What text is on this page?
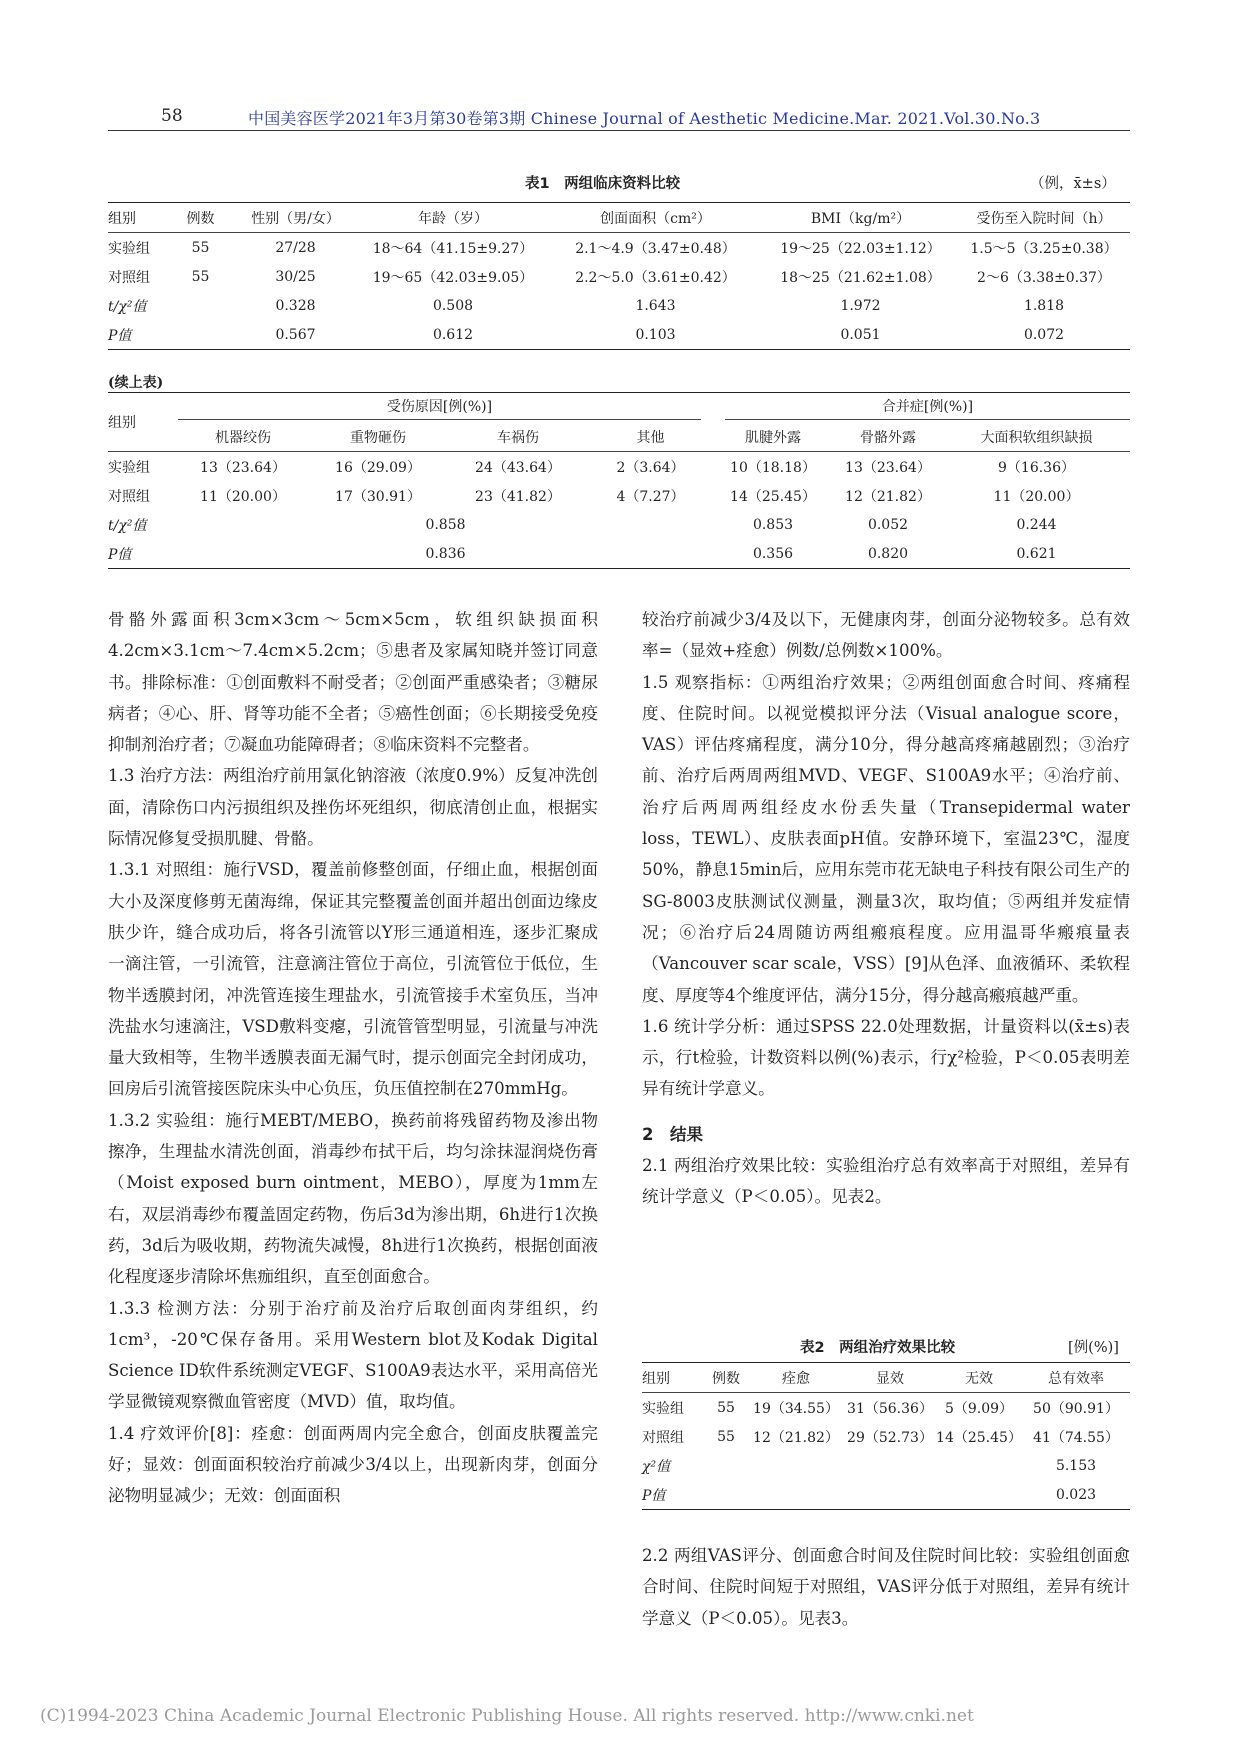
58	中国美容医学2021年3月第30卷第3期 Chinese Journal of Aesthetic Medicine.Mar. 2021.Vol.30.No.3
表1　两组临床资料比较	（例，x̄±s）
组别	例数	性别（男/女）	年龄（岁）	创面面积（cm²）	BMI（kg/m²）	受伤至入院时间（h）
实验组	55	27/28	18～64（41.15±9.27）	2.1～4.9（3.47±0.48）	19～25（22.03±1.12）	1.5～5（3.25±0.38）
对照组	55	30/25	19～65（42.03±9.05）	2.2～5.0（3.61±0.42）	18～25（21.62±1.08）	2～6（3.38±0.37）
t/χ²值		0.328	0.508	1.643	1.972	1.818
P值		0.567	0.612	0.103	0.051	0.072
(续上表)
组别	受伤原因[例(%)]				合并症[例(%)]		

	机器绞伤	重物砸伤	车祸伤	其他	肌腱外露	骨骼外露	大面积软组织缺损
实验组	13（23.64）	16（29.09）	24（43.64）	2（3.64）	10（18.18）	13（23.64）	9（16.36）
对照组	11（20.00）	17（30.91）	23（41.82）	4（7.27）	14（25.45）	12（21.82）	11（20.00）
t/χ²值	0.858				0.853	0.052	0.244
P值	0.836				0.356	0.820	0.621

骨骼外露面积3cm×3cm～5cm×5cm，软组织缺损面积4.2cm×3.1cm～7.4cm×5.2cm；⑤患者及家属知晓并签订同意书。排除标准：①创面敷料不耐受者；②创面严重感染者；③糖尿病者；④心、肝、肾等功能不全者；⑤癌性创面；⑥长期接受免疫抑制剂治疗者；⑦凝血功能障碍者；⑧临床资料不完整者。

1.3 治疗方法：两组治疗前用氯化钠溶液（浓度0.9%）反复冲洗创面，清除伤口内污损组织及挫伤坏死组织，彻底清创止血，根据实际情况修复受损肌腱、骨骼。

1.3.1 对照组：施行VSD，覆盖前修整创面，仔细止血，根据创面大小及深度修剪无菌海绵，保证其完整覆盖创面并超出创面边缘皮肤少许，缝合成功后，将各引流管以Y形三通道相连，逐步汇聚成一滴注管，一引流管，注意滴注管位于高位，引流管位于低位，生物半透膜封闭，冲洗管连接生理盐水，引流管接手术室负压，当冲洗盐水匀速滴注，VSD敷料变瘪，引流管管型明显，引流量与冲洗量大致相等，生物半透膜表面无漏气时，提示创面完全封闭成功，回房后引流管接医院床头中心负压，负压值控制在270mmHg。

1.3.2 实验组：施行MEBT/MEBO，换药前将残留药物及渗出物擦净，生理盐水清洗创面，消毒纱布拭干后，均匀涂抹湿润烧伤膏（Moist exposed burn ointment，MEBO），厚度为1mm左右，双层消毒纱布覆盖固定药物，伤后3d为渗出期，6h进行1次换药，3d后为吸收期，药物流失减慢，8h进行1次换药，根据创面液化程度逐步清除坏焦痂组织，直至创面愈合。

1.3.3 检测方法：分别于治疗前及治疗后取创面肉芽组织，约1cm³，-20℃保存备用。采用Western blot及Kodak Digital Science ID软件系统测定VEGF、S100A9表达水平，采用高倍光学显微镜观察微血管密度（MVD）值，取均值。

1.4 疗效评价[8]：痊愈：创面两周内完全愈合，创面皮肤覆盖完好；显效：创面面积较治疗前减少3/4以上，出现新肉芽，创面分泌物明显减少；无效：创面面积

较治疗前减少3/4及以下，无健康肉芽，创面分泌物较多。总有效率=（显效+痊愈）例数/总例数×100%。

1.5 观察指标：①两组治疗效果；②两组创面愈合时间、疼痛程度、住院时间。以视觉模拟评分法（Visual analogue score，VAS）评估疼痛程度，满分10分，得分越高疼痛越剧烈；③治疗前、治疗后两周两组MVD、VEGF、S100A9水平；④治疗前、治疗后两周两组经皮水份丢失量（Transepidermal water loss，TEWL）、皮肤表面pH值。安静环境下，室温23℃，湿度50%，静息15min后，应用东莞市花无缺电子科技有限公司生产的SG-8003皮肤测试仪测量，测量3次，取均值；⑤两组并发症情况；⑥治疗后24周随访两组瘢痕程度。应用温哥华瘢痕量表（Vancouver scar scale，VSS）[9]从色泽、血液循环、柔软程度、厚度等4个维度评估，满分15分，得分越高瘢痕越严重。

1.6 统计学分析：通过SPSS 22.0处理数据，计量资料以(x̄±s)表示，行t检验，计数资料以例(%)表示，行χ²检验，P＜0.05表明差异有统计学意义。

2　结果

2.1 两组治疗效果比较：实验组治疗总有效率高于对照组，差异有统计学意义（P＜0.05）。见表2。

表2　两组治疗效果比较	[例(%)]
组别	例数	痊愈	显效	无效	总有效率
实验组	55	19（34.55）	31（56.36）	5（9.09）	50（90.91）
对照组	55	12（21.82）	29（52.73）	14（25.45）	41（74.55）
χ²值					5.153
P值					0.023

2.2 两组VAS评分、创面愈合时间及住院时间比较：实验组创面愈合时间、住院时间短于对照组，VAS评分低于对照组，差异有统计学意义（P＜0.05）。见表3。

(C)1994-2023 China Academic Journal Electronic Publishing House. All rights reserved. http://www.cnki.net
